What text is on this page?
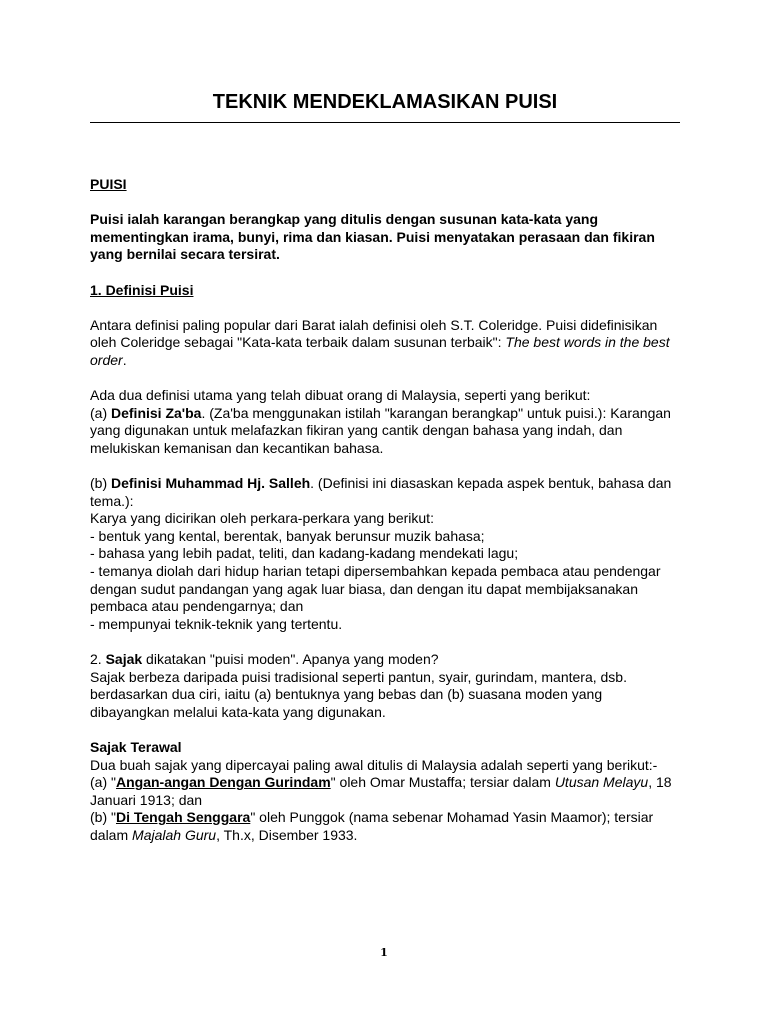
TEKNIK MENDEKLAMASIKAN PUISI

PUISI

Puisi ialah karangan berangkap yang ditulis dengan susunan kata-kata yang mementingkan irama, bunyi, rima dan kiasan. Puisi menyatakan perasaan dan fikiran yang bernilai secara tersirat.

1. Definisi Puisi

Antara definisi paling popular dari Barat ialah definisi oleh S.T. Coleridge. Puisi didefinisikan oleh Coleridge sebagai "Kata-kata terbaik dalam susunan terbaik": The best words in the best order.

Ada dua definisi utama yang telah dibuat orang di Malaysia, seperti yang berikut:

(a) Definisi Za'ba. (Za'ba menggunakan istilah "karangan berangkap" untuk puisi.): Karangan yang digunakan untuk melafazkan fikiran yang cantik dengan bahasa yang indah, dan melukiskan kemanisan dan kecantikan bahasa.

(b) Definisi Muhammad Hj. Salleh. (Definisi ini diasaskan kepada aspek bentuk, bahasa dan tema.):

Karya yang dicirikan oleh perkara-perkara yang berikut:

- bentuk yang kental, berentak, banyak berunsur muzik bahasa;

- bahasa yang lebih padat, teliti, dan kadang-kadang mendekati lagu;

- temanya diolah dari hidup harian tetapi dipersembahkan kepada pembaca atau pendengar dengan sudut pandangan yang agak luar biasa, dan dengan itu dapat membijaksanakan pembaca atau pendengarnya; dan

- mempunyai teknik-teknik yang tertentu.

2. Sajak dikatakan "puisi moden". Apanya yang moden?

Sajak berbeza daripada puisi tradisional seperti pantun, syair, gurindam, mantera, dsb. berdasarkan dua ciri, iaitu (a) bentuknya yang bebas dan (b) suasana moden yang dibayangkan melalui kata-kata yang digunakan.

Sajak Terawal

Dua buah sajak yang dipercayai paling awal ditulis di Malaysia adalah seperti yang berikut:-

(a) "Angan-angan Dengan Gurindam" oleh Omar Mustaffa; tersiar dalam Utusan Melayu, 18 Januari 1913; dan

(b) "Di Tengah Senggara" oleh Punggok (nama sebenar Mohamad Yasin Maamor); tersiar dalam Majalah Guru, Th.x, Disember 1933.

1
